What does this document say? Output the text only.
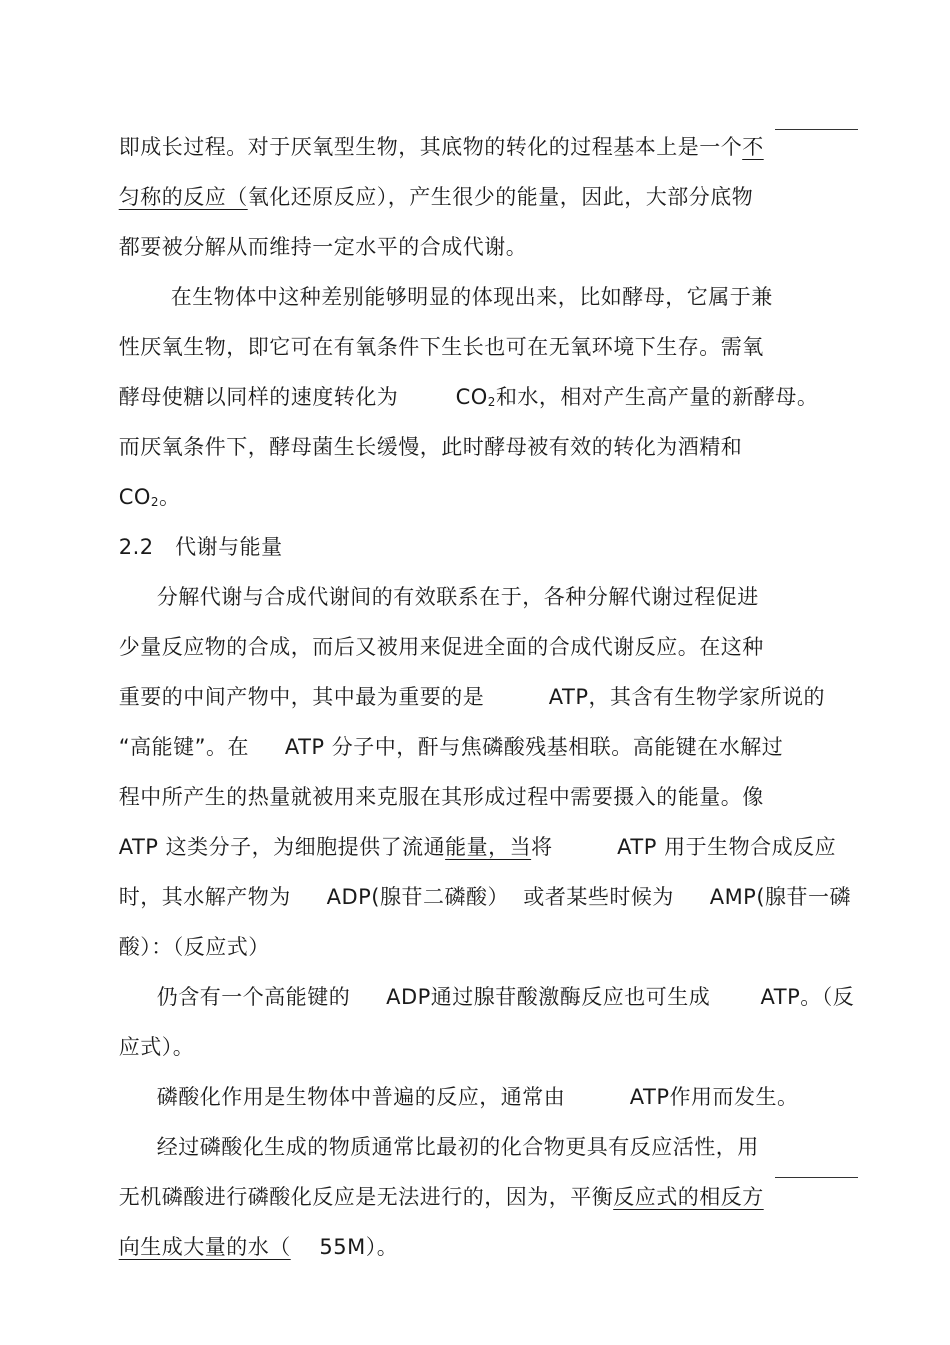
即成长过程。对于厌氧型生物，其底物的转化的过程基本上是一个不

匀称的反应（氧化还原反应），产生很少的能量，因此，大部分底物

都要被分解从而维持一定水平的合成代谢。

在生物体中这种差别能够明显的体现出来，比如酵母，它属于兼

性厌氧生物，即它可在有氧条件下生长也可在无氧环境下生存。需氧

酵母使糖以同样的速度转化为        CO2和水，相对产生高产量的新酵母。

而厌氧条件下，酵母菌生长缓慢，此时酵母被有效的转化为酒精和

CO2。

2.2   代谢与能量

分解代谢与合成代谢间的有效联系在于，各种分解代谢过程促进

少量反应物的合成，而后又被用来促进全面的合成代谢反应。在这种

重要的中间产物中，其中最为重要的是         ATP，其含有生物学家所说的

“高能键”。在     ATP 分子中，酐与焦磷酸残基相联。高能键在水解过

程中所产生的热量就被用来克服在其形成过程中需要摄入的能量。像

ATP 这类分子，为细胞提供了流通能量，当将         ATP 用于生物合成反应

时，其水解产物为     ADP(腺苷二磷酸）  或者某些时候为     AMP(腺苷一磷

酸）：（反应式）

仍含有一个高能键的     ADP通过腺苷酸激酶反应也可生成       ATP。（反

应式）。

磷酸化作用是生物体中普遍的反应，通常由         ATP作用而发生。

经过磷酸化生成的物质通常比最初的化合物更具有反应活性，用

无机磷酸进行磷酸化反应是无法进行的，因为，平衡反应式的相反方

向生成大量的水（    55M）。
